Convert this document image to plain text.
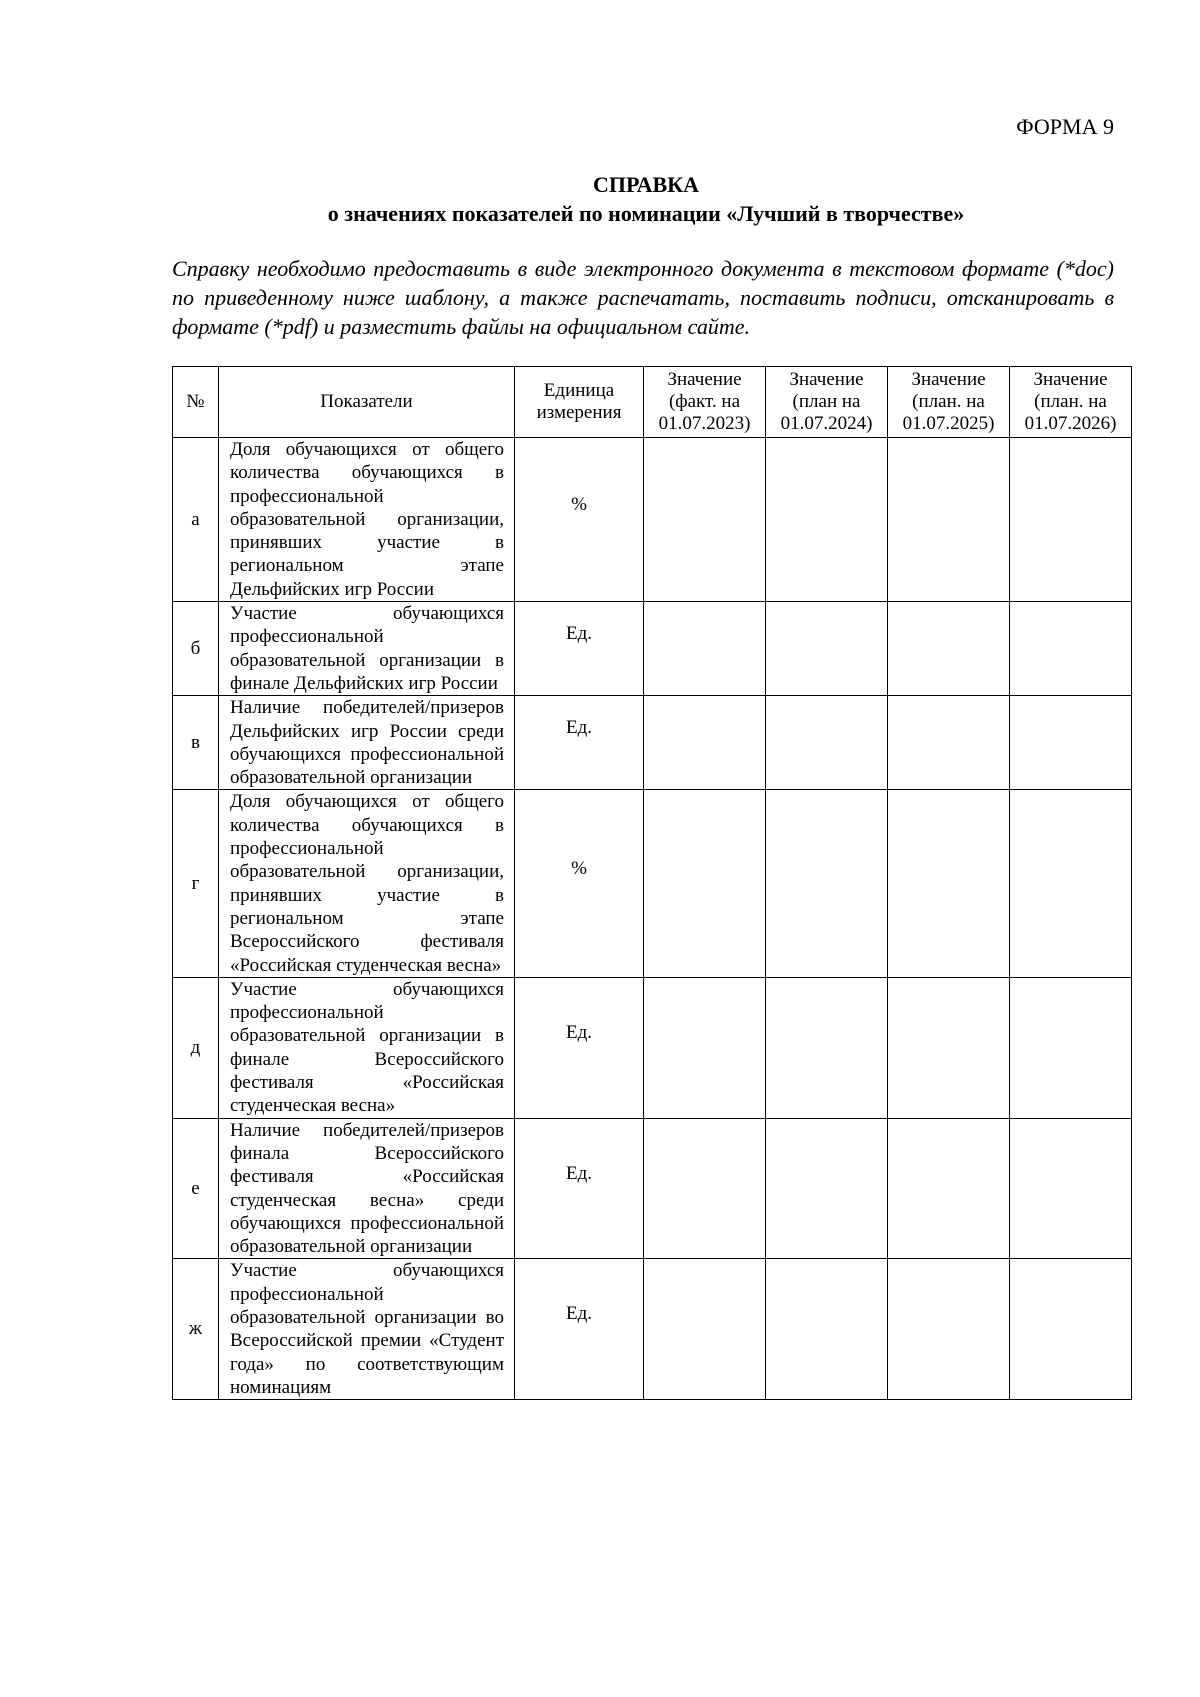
ФОРМА 9
СПРАВКА
о значениях показателей по номинации «Лучший в творчестве»
Справку необходимо предоставить в виде электронного документа в текстовом формате (*doc) по приведенному ниже шаблону, а также распечатать, поставить подписи, отсканировать в формате (*pdf) и разместить файлы на официальном сайте.
№	Показатели	Единица измерения	Значение (факт. на 01.07.2023)	Значение (план на 01.07.2024)	Значение (план. на 01.07.2025)	Значение (план. на 01.07.2026)
а	Доля обучающихся от общего количества обучающихся в профессиональной образовательной организации, принявших участие в региональном этапе Дельфийских игр России	%				
б	Участие обучающихся профессиональной образовательной организации в финале Дельфийских игр России	Ед.				
в	Наличие победителей/призеров Дельфийских игр России среди обучающихся профессиональной образовательной организации	Ед.				
г	Доля обучающихся от общего количества обучающихся в профессиональной образовательной организации, принявших участие в региональном этапе Всероссийского фестиваля «Российская студенческая весна»	%				
д	Участие обучающихся профессиональной образовательной организации в финале Всероссийского фестиваля «Российская студенческая весна»	Ед.				
е	Наличие победителей/призеров финала Всероссийского фестиваля «Российская студенческая весна» среди обучающихся профессиональной образовательной организации	Ед.				
ж	Участие обучающихся профессиональной образовательной организации во Всероссийской премии «Студент года» по соответствующим номинациям	Ед.				
